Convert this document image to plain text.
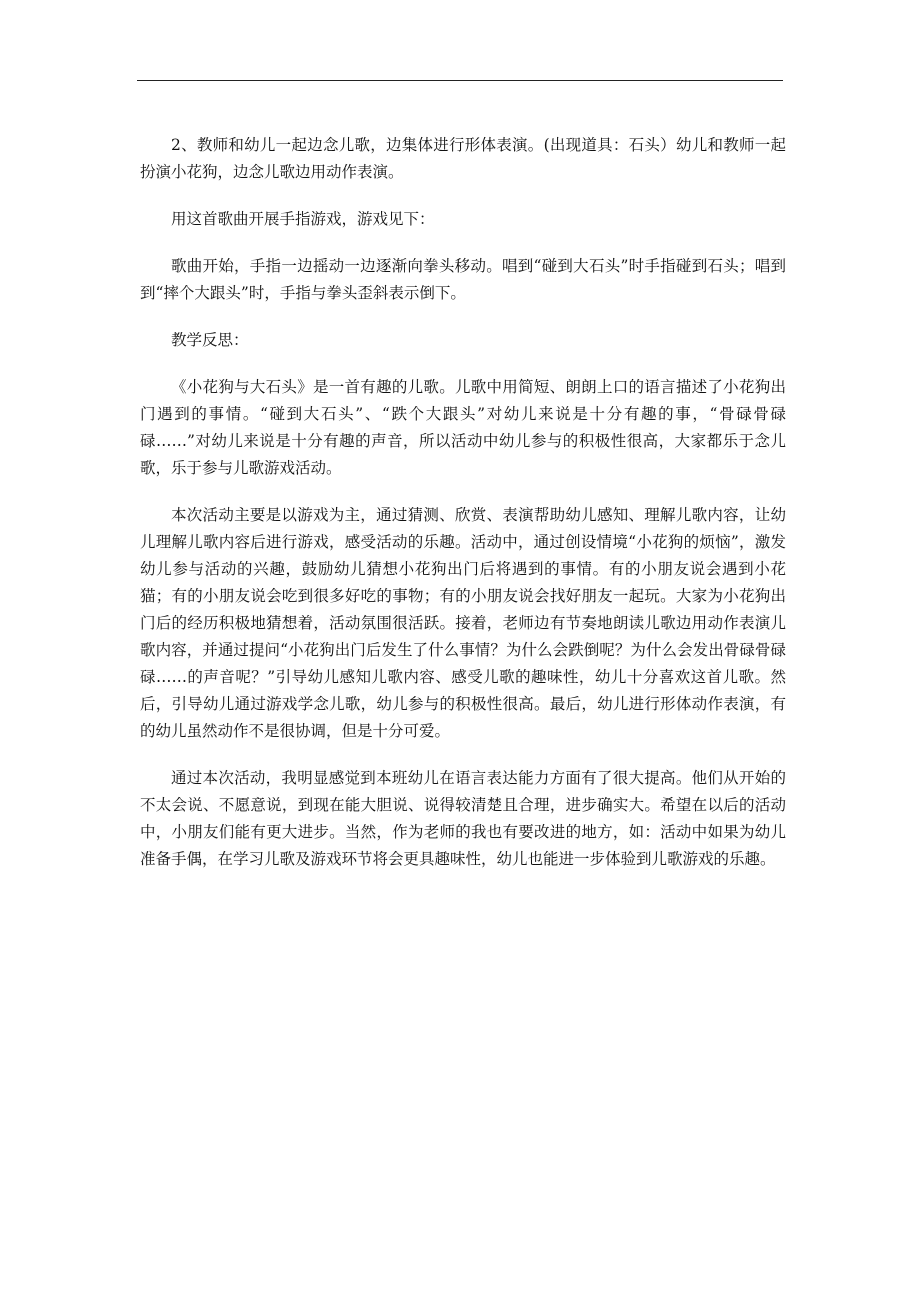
2、教师和幼儿一起边念儿歌，边集体进行形体表演。(出现道具：石头）幼儿和教师一起扮演小花狗，边念儿歌边用动作表演。

用这首歌曲开展手指游戏，游戏见下：

歌曲开始，手指一边摇动一边逐渐向拳头移动。唱到“碰到大石头”时手指碰到石头；唱到到“摔个大跟头”时，手指与拳头歪斜表示倒下。

教学反思：

《小花狗与大石头》是一首有趣的儿歌。儿歌中用简短、朗朗上口的语言描述了小花狗出门遇到的事情。“碰到大石头”、“跌个大跟头”对幼儿来说是十分有趣的事，“骨碌骨碌碌……”对幼儿来说是十分有趣的声音，所以活动中幼儿参与的积极性很高，大家都乐于念儿歌，乐于参与儿歌游戏活动。

本次活动主要是以游戏为主，通过猜测、欣赏、表演帮助幼儿感知、理解儿歌内容，让幼儿理解儿歌内容后进行游戏，感受活动的乐趣。活动中，通过创设情境“小花狗的烦恼”，激发幼儿参与活动的兴趣，鼓励幼儿猜想小花狗出门后将遇到的事情。有的小朋友说会遇到小花猫；有的小朋友说会吃到很多好吃的事物；有的小朋友说会找好朋友一起玩。大家为小花狗出门后的经历积极地猜想着，活动氛围很活跃。接着，老师边有节奏地朗读儿歌边用动作表演儿歌内容，并通过提问“小花狗出门后发生了什么事情？为什么会跌倒呢？为什么会发出骨碌骨碌碌……的声音呢？”引导幼儿感知儿歌内容、感受儿歌的趣味性，幼儿十分喜欢这首儿歌。然后，引导幼儿通过游戏学念儿歌，幼儿参与的积极性很高。最后，幼儿进行形体动作表演，有的幼儿虽然动作不是很协调，但是十分可爱。

通过本次活动，我明显感觉到本班幼儿在语言表达能力方面有了很大提高。他们从开始的不太会说、不愿意说，到现在能大胆说、说得较清楚且合理，进步确实大。希望在以后的活动中，小朋友们能有更大进步。当然，作为老师的我也有要改进的地方，如：活动中如果为幼儿准备手偶，在学习儿歌及游戏环节将会更具趣味性，幼儿也能进一步体验到儿歌游戏的乐趣。
